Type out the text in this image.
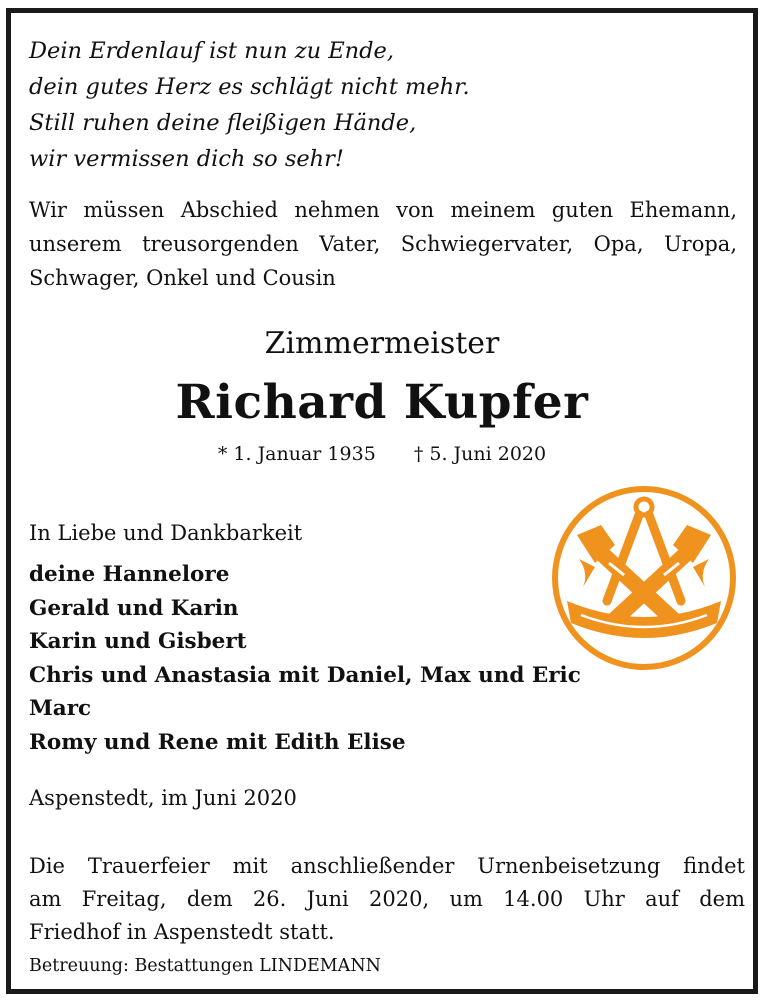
Dein Erdenlauf ist nun zu Ende,
dein gutes Herz es schlägt nicht mehr.
Still ruhen deine fleißigen Hände,
wir vermissen dich so sehr!
Wir müssen Abschied nehmen von meinem guten Ehemann,
unserem treusorgenden Vater, Schwiegervater, Opa, Uropa,
Schwager, Onkel und Cousin
Zimmermeister
Richard Kupfer
* 1. Januar 1935 † 5. Juni 2020
In Liebe und Dankbarkeit
deine Hannelore
Gerald und Karin
Karin und Gisbert
Chris und Anastasia mit Daniel, Max und Eric
Marc
Romy und Rene mit Edith Elise
Aspenstedt, im Juni 2020
Die Trauerfeier mit anschließender Urnenbeisetzung findet
am Freitag, dem 26. Juni 2020, um 14.00 Uhr auf dem
Friedhof in Aspenstedt statt.
Betreuung: Bestattungen LINDEMANN
